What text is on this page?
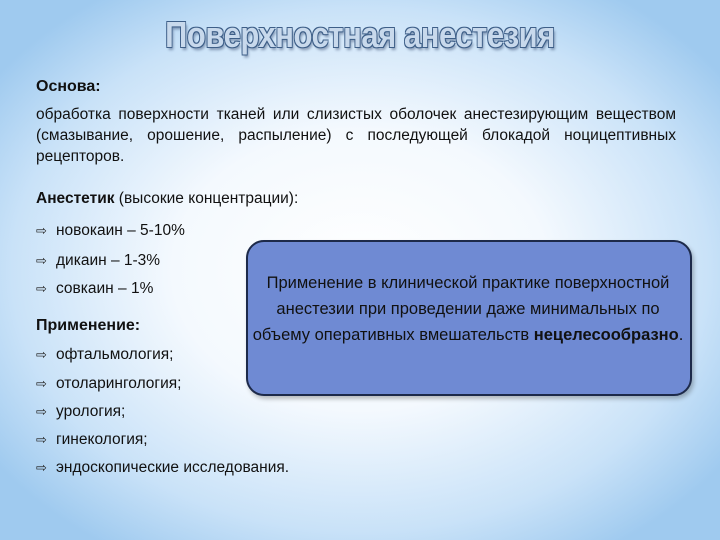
Поверхностная анестезия
Основа:
обработка поверхности тканей или слизистых оболочек анестезирующим веществом (смазывание, орошение, распыление) с последующей блокадой ноцицептивных рецепторов.
Анестетик (высокие концентрации):
⇨ новокаин – 5-10%
⇨ дикаин – 1-3%
⇨ совкаин – 1%
Применение:
⇨ офтальмология;
⇨ отоларингология;
⇨ урология;
⇨ гинекология;
⇨ эндоскопические исследования.
Применение в клинической практике поверхностной анестезии при проведении даже минимальных по объему оперативных вмешательств нецелесообразно.
